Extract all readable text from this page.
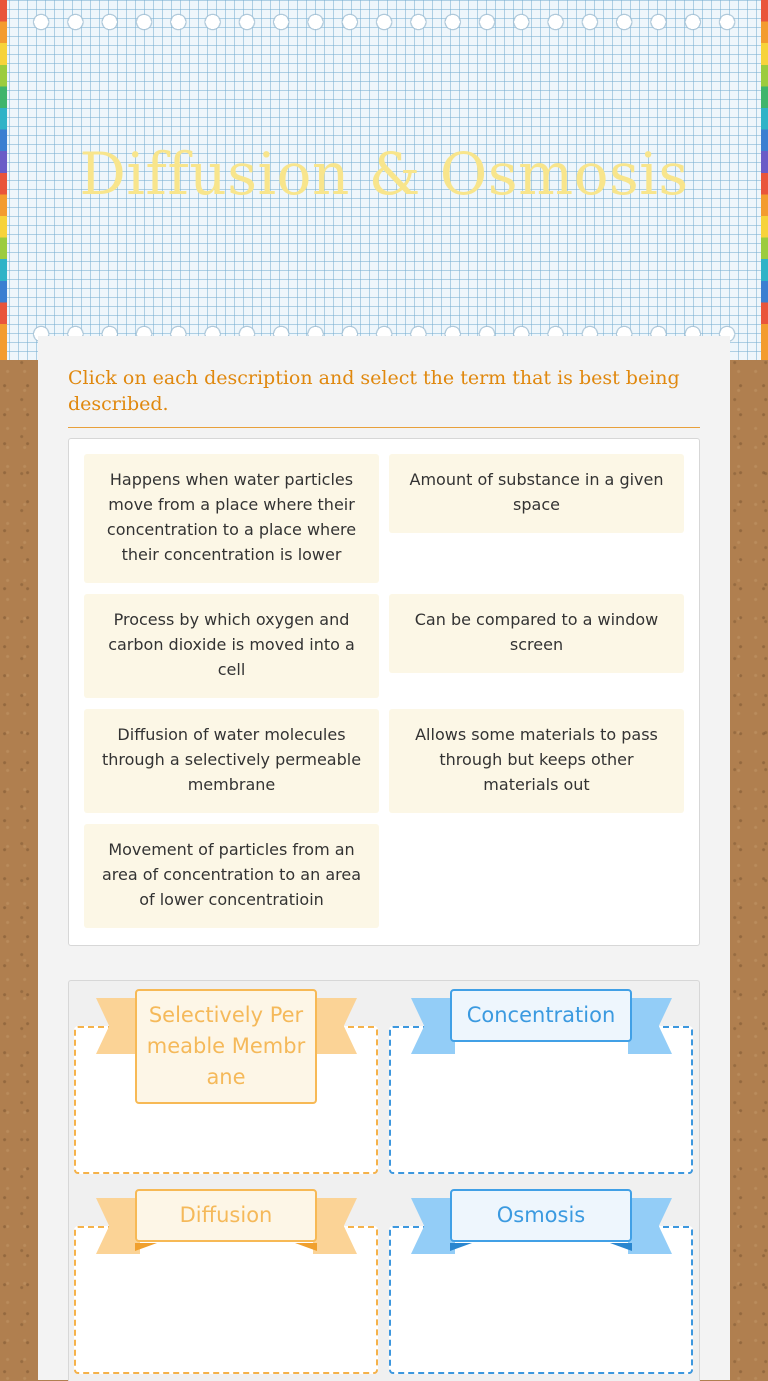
Diffusion & Osmosis
Click on each description and select the term that is best being described.
Happens when water particles move from a place where their concentration to a place where their concentration is lower
Amount of substance in a given space
Process by which oxygen and carbon dioxide is moved into a cell
Can be compared to a window screen
Diffusion of water molecules through a selectively permeable membrane
Allows some materials to pass through but keeps other materials out
Movement of particles from an area of concentration to an area of lower concentratioin
Selectively Permeable Membrane
Concentration
Diffusion	Osmosis
